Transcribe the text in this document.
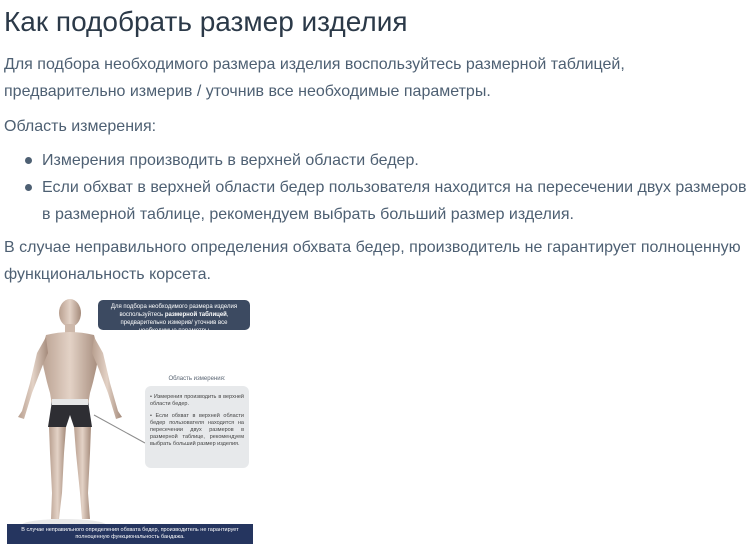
Как подобрать размер изделия

Для подбора необходимого размера изделия воспользуйтесь размерной таблицей, предварительно измерив / уточнив все необходимые параметры.

Область измерения:

Измерения производить в верхней области бедер.
Если обхват в верхней области бедер пользователя находится на пересечении двух размеров в размерной таблице, рекомендуем выбрать больший размер изделия.

В случае неправильного определения обхвата бедер, производитель не гарантирует полноценную функциональность корсета.

Для подбора необходимого размера изделия воспользуйтесь размерной таблицей, предварительно измерив/ уточнив все необходимые параметры
Область измерения:

• Измерения производить в верхней области бедер.

• Если обхват в верхней области бедер пользователя находится на пересечении двух размеров в размерной таблице, рекомендуем выбрать больший размер изделия.

В случае неправильного определения обхвата бедер, производитель не гарантирует полноценную функциональность бандажа.
